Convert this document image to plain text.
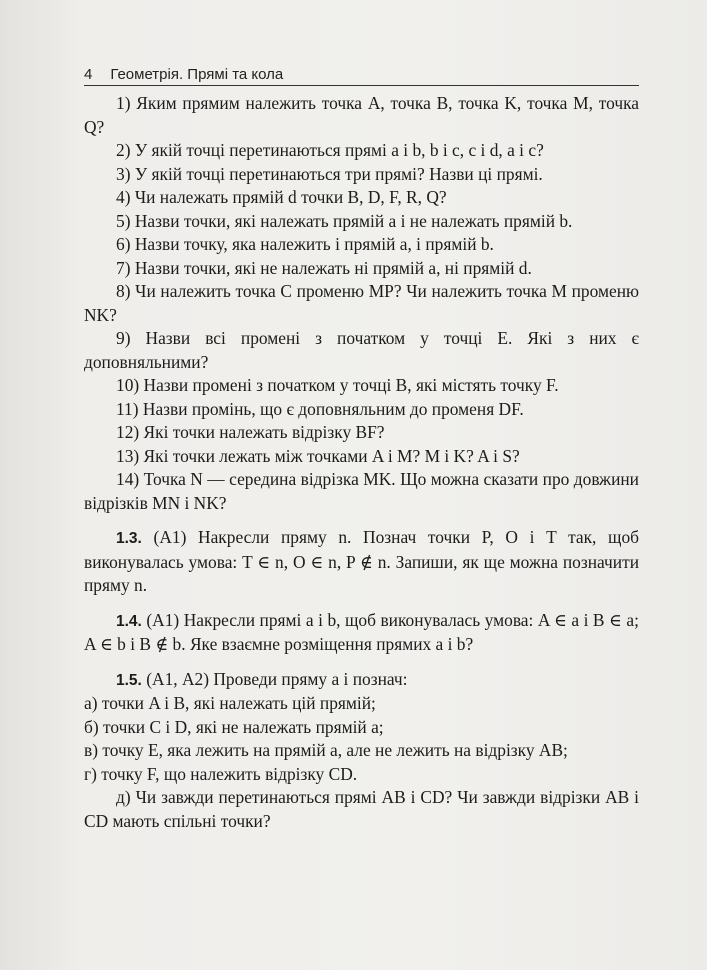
4 Геометрія. Прямі та кола
1) Яким прямим належить точка A, точка B, точка K, точка M, точка Q?
2) У якій точці перетинаються прямі a і b, b і c, c і d, a і c?
3) У якій точці перетинаються три прямі? Назви ці прямі.
4) Чи належать прямій d точки B, D, F, R, Q?
5) Назви точки, які належать прямій a і не належать прямій b.
6) Назви точку, яка належить і прямій a, і прямій b.
7) Назви точки, які не належать ні прямій a, ні прямій d.
8) Чи належить точка C променю MP? Чи належить точка M променю NK?
9) Назви всі промені з початком у точці E. Які з них є доповняльними?
10) Назви промені з початком у точці B, які містять точку F.
11) Назви промінь, що є доповняльним до променя DF.
12) Які точки належать відрізку BF?
13) Які точки лежать між точками A і M? M і K? A і S?
14) Точка N — середина відрізка MK. Що можна сказати про довжини відрізків MN і NK?
1.3. (А1) Накресли пряму n. Познач точки P, O і T так, щоб виконувалась умова: T ∈ n, O ∈ n, P ∉ n. Запиши, як ще можна позначити пряму n.
1.4. (А1) Накресли прямі a і b, щоб виконувалась умова: A ∈ a і B ∈ a; A ∈ b і B ∉ b. Яке взаємне розміщення прямих a і b?
1.5. (А1, А2) Проведи пряму a і познач:
а) точки A і B, які належать цій прямій;
б) точки C і D, які не належать прямій a;
в) точку E, яка лежить на прямій a, але не лежить на відрізку AB;
г) точку F, що належить відрізку CD.
д) Чи завжди перетинаються прямі AB і CD? Чи завжди відрізки AB і CD мають спільні точки?
